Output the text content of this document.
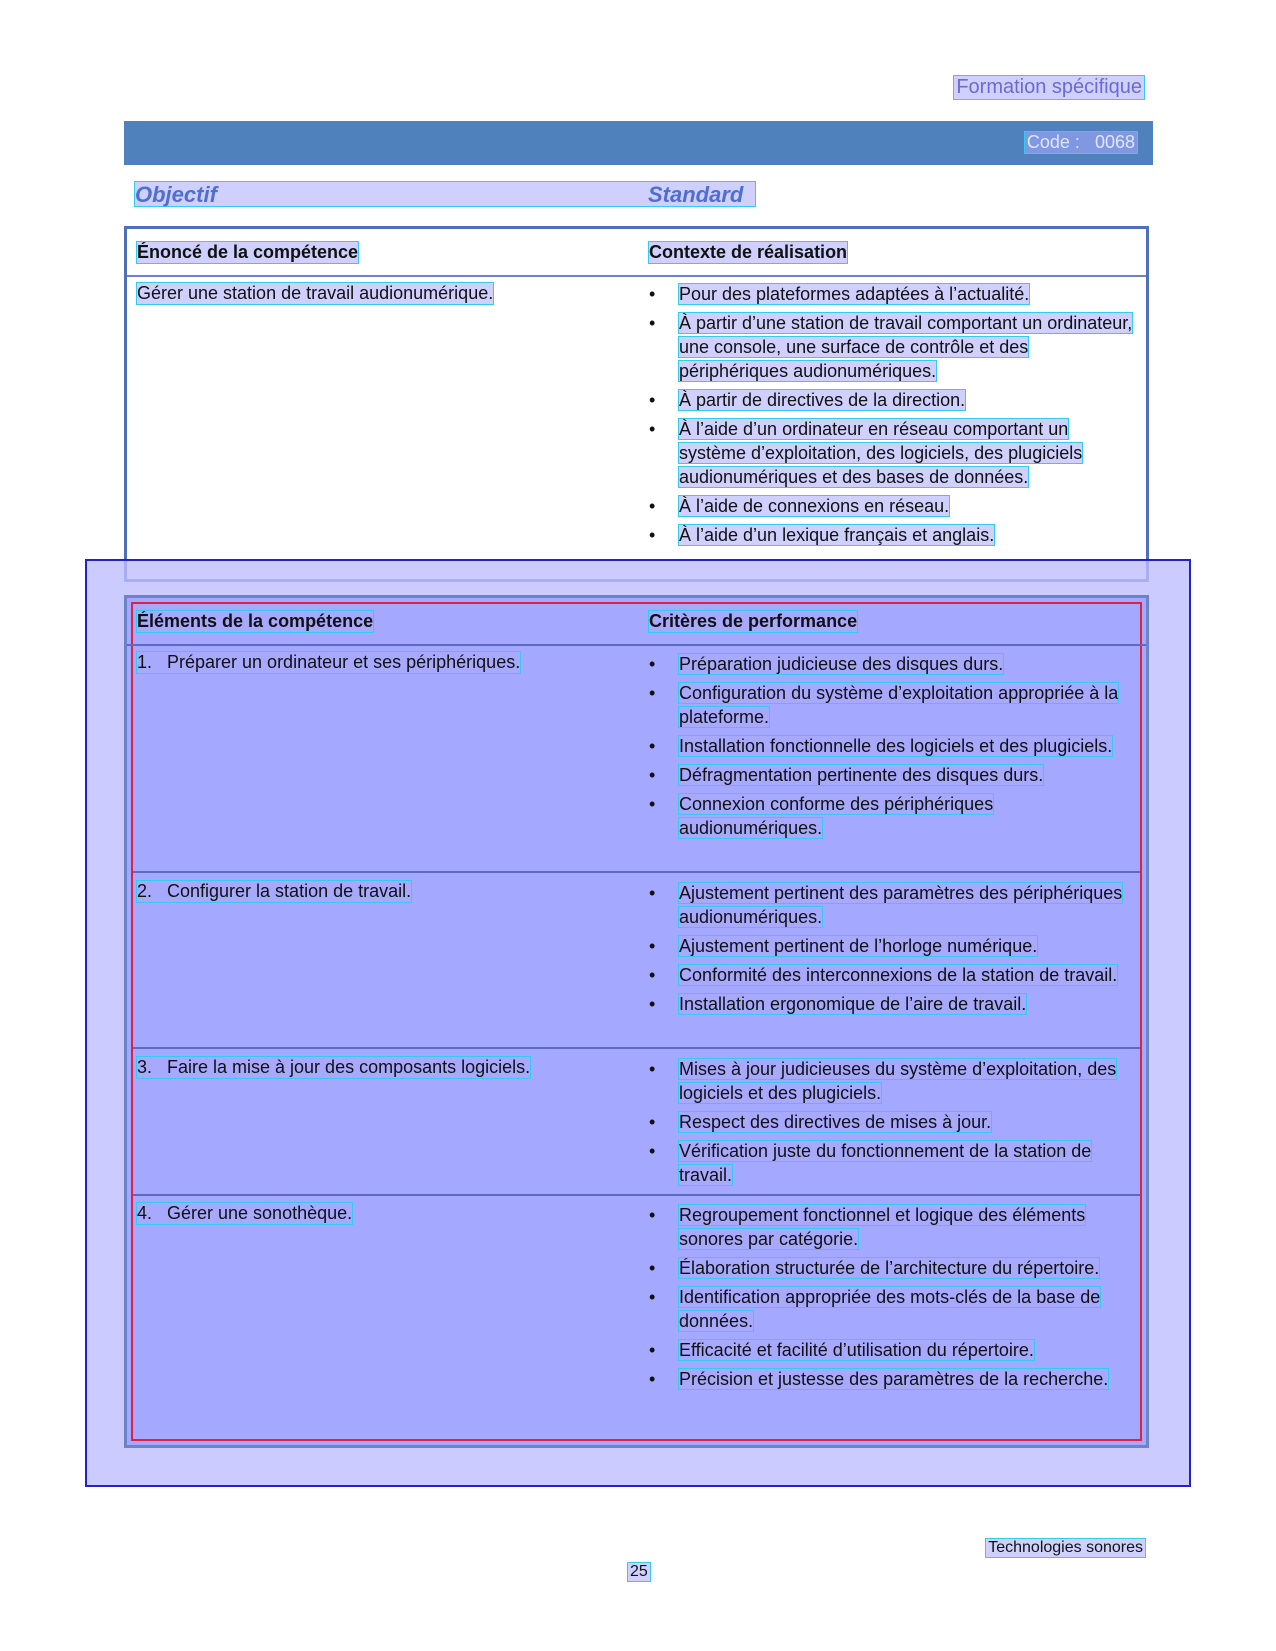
Formation spécifique
Code : 0068
Objectif	Standard
Énoncé de la compétence	Contexte de réalisation
Gérer une station de travail audionumérique.	• Pour des plateformes adaptées à l’actualité.
• À partir d’une station de travail comportant un ordinateur, une console, une surface de contrôle et des périphériques audionumériques.
• À partir de directives de la direction.
• À l’aide d’un ordinateur en réseau comportant un système d’exploitation, des logiciels, des plugiciels audionumériques et des bases de données.
• À l’aide de connexions en réseau.
• À l’aide d’un lexique français et anglais.
Éléments de la compétence	Critères de performance
1. Préparer un ordinateur et ses périphériques.	• Préparation judicieuse des disques durs.
• Configuration du système d’exploitation appropriée à la plateforme.
• Installation fonctionnelle des logiciels et des plugiciels.
• Défragmentation pertinente des disques durs.
• Connexion conforme des périphériques audionumériques.
2. Configurer la station de travail.	• Ajustement pertinent des paramètres des périphériques audionumériques.
• Ajustement pertinent de l’horloge numérique.
• Conformité des interconnexions de la station de travail.
• Installation ergonomique de l’aire de travail.
3. Faire la mise à jour des composants logiciels.	• Mises à jour judicieuses du système d’exploitation, des logiciels et des plugiciels.
• Respect des directives de mises à jour.
• Vérification juste du fonctionnement de la station de travail.
4. Gérer une sonothèque.	• Regroupement fonctionnel et logique des éléments sonores par catégorie.
• Élaboration structurée de l’architecture du répertoire.
• Identification appropriée des mots-clés de la base de données.
• Efficacité et facilité d’utilisation du répertoire.
• Précision et justesse des paramètres de la recherche.
Technologies sonores
25
